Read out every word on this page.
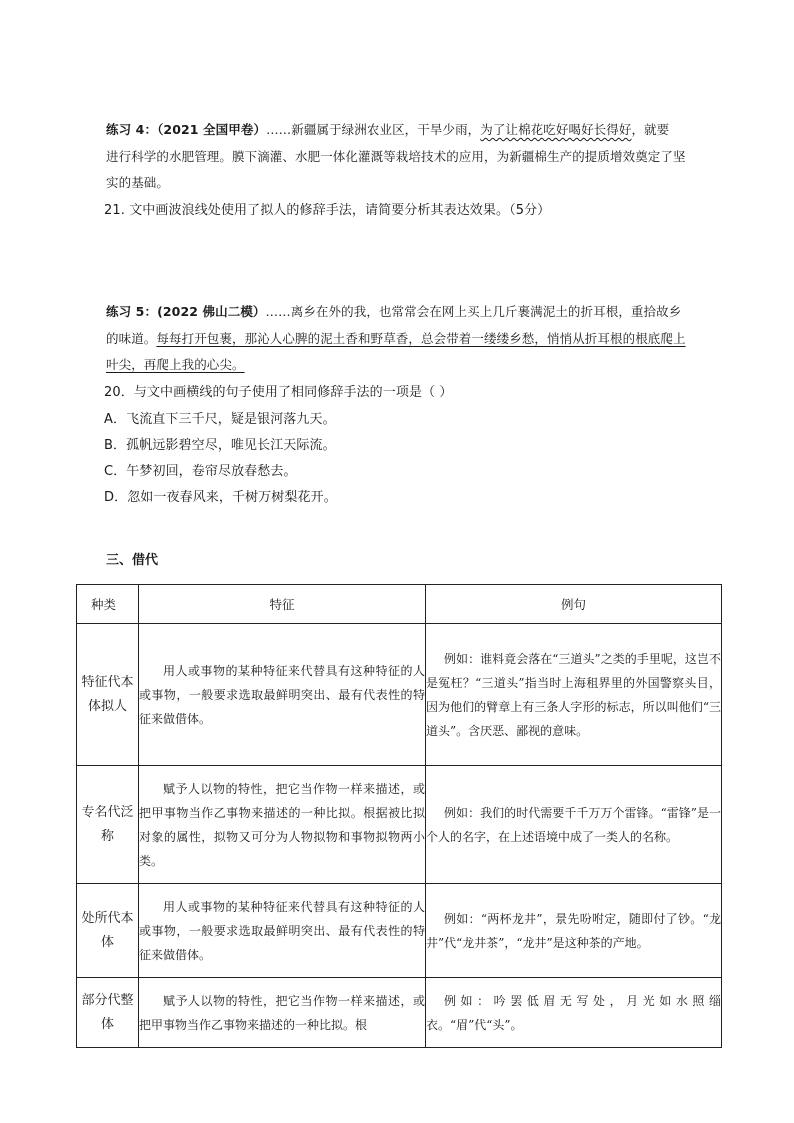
练习 4：（2021 全国甲卷）……新疆属于绿洲农业区，干旱少雨，为了让棉花吃好喝好长得好，就要
进行科学的水肥管理。膜下滴灌、水肥一体化灌溉等栽培技术的应用，为新疆棉生产的提质增效奠定了坚
实的基础。
21. 文中画波浪线处使用了拟人的修辞手法，请简要分析其表达效果。（5分）
练习 5：(2022 佛山二模）……离乡在外的我，也常常会在网上买上几斤裹满泥土的折耳根，重拾故乡
的味道。每每打开包裹，那沁人心脾的泥土香和野草香，总会带着一缕缕乡愁，悄悄从折耳根的根底爬上
叶尖，再爬上我的心尖。
20．与文中画横线的句子使用了相同修辞手法的一项是（ ）
A．飞流直下三千尺，疑是银河落九天。
B．孤帆远影碧空尽，唯见长江天际流。
C．午梦初回，卷帘尽放春愁去。
D．忽如一夜春风来，千树万树梨花开。
三、借代
种类	特征	例句
特征代本体拟人	用人或事物的某种特征来代替具有这种特征的人或事物，一般要求选取最鲜明突出、最有代表性的特征来做借体。	例如：谁料竟会落在“三道头”之类的手里呢，这岂不是冤枉？“三道头”指当时上海租界里的外国警察头目，因为他们的臂章上有三条人字形的标志，所以叫他们“三道头”。含厌恶、鄙视的意味。
专名代泛称	赋予人以物的特性，把它当作物一样来描述，或把甲事物当作乙事物来描述的一种比拟。根据被比拟对象的属性，拟物又可分为人物拟物和事物拟物两小类。	例如：我们的时代需要千千万万个雷锋。“雷锋”是一个人的名字，在上述语境中成了一类人的名称。
处所代本体	用人或事物的某种特征来代替具有这种特征的人或事物，一般要求选取最鲜明突出、最有代表性的特征来做借体。	例如：“两杯龙井”，景先吩咐定，随即付了钞。“龙井”代“龙井茶”，“龙井”是这种茶的产地。
部分代整体	赋予人以物的特性，把它当作物一样来描述，或把甲事物当作乙事物来描述的一种比拟。根	例如：吟罢低眉无写处，月光如水照缁衣。“眉”代“头”。
